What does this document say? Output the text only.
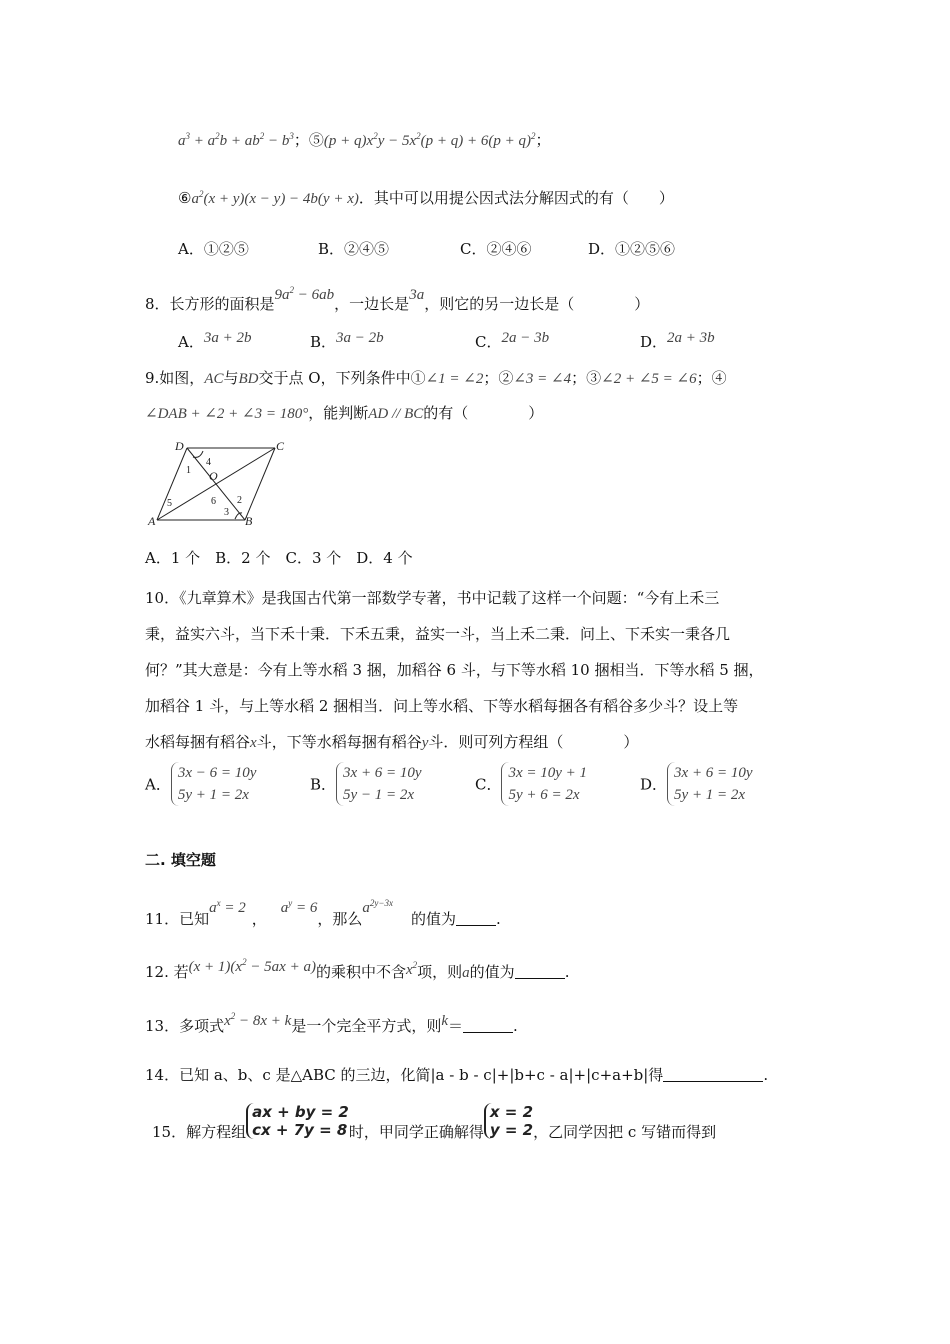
$a^3 + a^2b + ab^2 - b^3$；⑤(p + $q)x^2y - 5x^2(p + q) + 6(p + q)^2$；
$⑥a^2(x + y)(x - y) - 4b(y + x)$．其中可以用提公因式法分解因式的有（　　）
A．①②⑤	B．②④⑤	C．②④⑥	D．①②⑤⑥
8．长方形的面积是$9a^2 - 6ab$，一边长是3a，则它的另一边长是（　　　　）
A．3a + 2b	B．3a − 2b	C．2a − 3b	D．2a + 3b
9.如图，AC与BD交于点 O，下列条件中①∠1 = ∠2；②∠3 = ∠4；③∠2 + ∠5 = ∠6；④
∠DAB + ∠2 + ∠3 = 180°，能判断AD // BC的有（　　　　）
D	C
A	B
O
1
2
3
4
5	6
A．1 个　B．2 个　C．3 个　D．4 个
10．《九章算术》是我国古代第一部数学专著，书中记载了这样一个问题：“今有上禾三
秉，益实六斗，当下禾十秉．下禾五秉，益实一斗，当上禾二秉．问上、下禾实一秉各几
何？”其大意是：今有上等水稻 3 捆，加稻谷 6 斗，与下等水稻 10 捆相当．下等水稻 5 捆，
加稻谷 1 斗，与上等水稻 2 捆相当．问上等水稻、下等水稻每捆各有稻谷多少斗？设上等
水稻每捆有稻谷x斗，下等水稻每捆有稻谷y斗．则可列方程组（　　　　）
A．
3x − 6 = 10y
5y + 1 = 2x
B．
3x + 6 = 10y
5y − 1 = 2x
C．
3x = 10y + 1
5y + 6 = 2x
D．
3x + 6 = 10y
5y + 1 = 2x
二. 填空题
11．已知$a^x = 2$，$a^y = 6$，那么$a^{2y-3x}$的值为	.
12. 若$(x + 1)(x^2 - 5ax + a)$的乘积中不含$x^2$项，则a的值为	.
13．多项式$x^2 - 8x + k$是一个完全平方式，则k＝	.
14．已知 a、b、c 是△ABC 的三边，化简|a - b - c|+|b+c - a|+|c+a+b|得	.
15．解方程组
ax + by = 2
cx + 7y = 8 时，甲同学正确解得
x = 2
y = 2 ，乙同学因把 c 写错而得到
